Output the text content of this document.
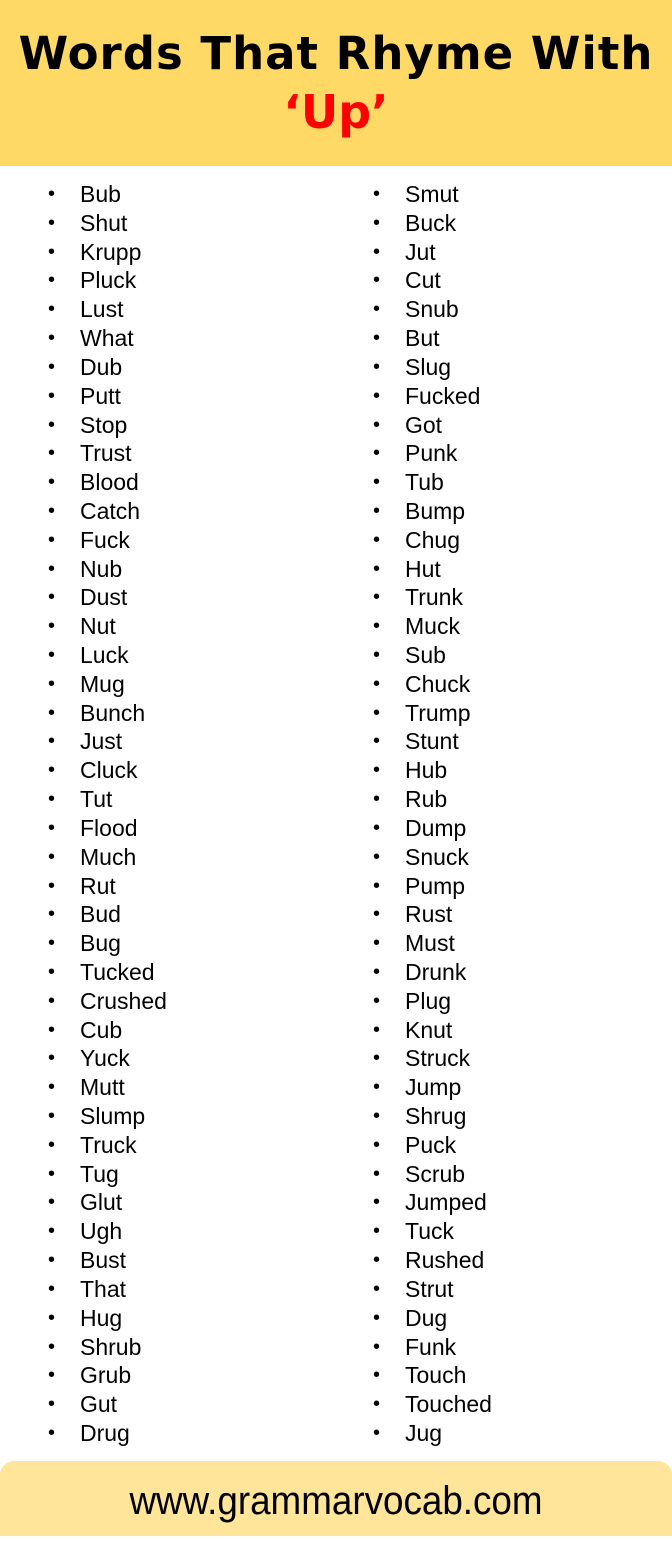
Words That Rhyme With
‘Up’
• Bub
• Shut
• Krupp
• Pluck
• Lust
• What
• Dub
• Putt
• Stop
• Trust
• Blood
• Catch
• Fuck
• Nub
• Dust
• Nut
• Luck
• Mug
• Bunch
• Just
• Cluck
• Tut
• Flood
• Much
• Rut
• Bud
• Bug
• Tucked
• Crushed
• Cub
• Yuck
• Mutt
• Slump
• Truck
• Tug
• Glut
• Ugh
• Bust
• That
• Hug
• Shrub
• Grub
• Gut
• Drug
• Smut
• Buck
• Jut
• Cut
• Snub
• But
• Slug
• Fucked
• Got
• Punk
• Tub
• Bump
• Chug
• Hut
• Trunk
• Muck
• Sub
• Chuck
• Trump
• Stunt
• Hub
• Rub
• Dump
• Snuck
• Pump
• Rust
• Must
• Drunk
• Plug
• Knut
• Struck
• Jump
• Shrug
• Puck
• Scrub
• Jumped
• Tuck
• Rushed
• Strut
• Dug
• Funk
• Touch
• Touched
• Jug
www.grammarvocab.com
